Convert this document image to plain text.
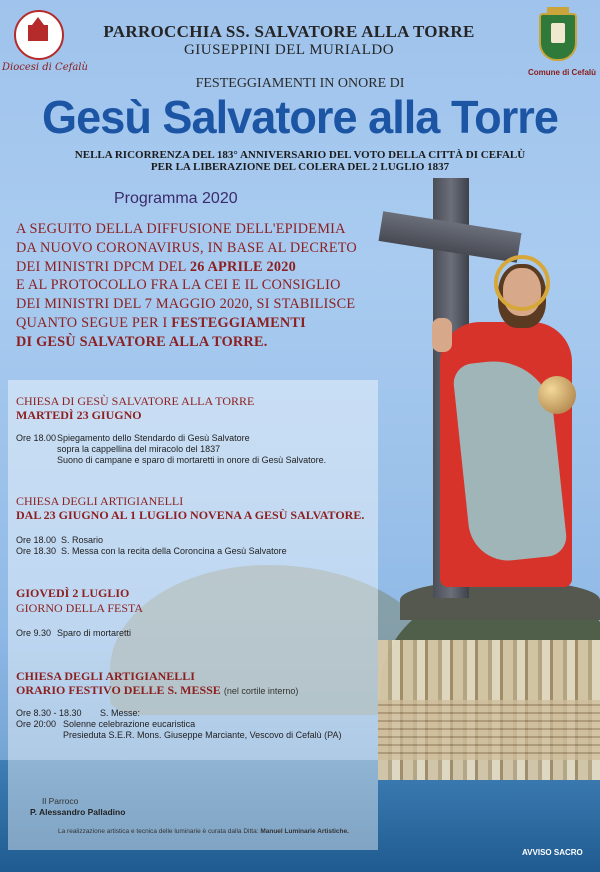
Diocesi di Cefalù	Comune di Cefalù
PARROCCHIA SS. SALVATORE ALLA TORRE
GIUSEPPINI DEL MURIALDO
FESTEGGIAMENTI IN ONORE DI
Gesù Salvatore alla Torre
NELLA RICORRENZA DEL 183° ANNIVERSARIO DEL VOTO DELLA CITTÀ DI CEFALÙ
PER LA LIBERAZIONE DEL COLERA DEL 2 LUGLIO 1837
Programma 2020

A SEGUITO DELLA DIFFUSIONE DELL'EPIDEMIA

DA NUOVO CORONAVIRUS, IN BASE AL DECRETO

DEI MINISTRI DPCM DEL 26 APRILE 2020

E AL PROTOCOLLO FRA LA CEI E IL CONSIGLIO

DEI MINISTRI DEL 7 MAGGIO 2020, SI STABILISCE

QUANTO SEGUE PER I FESTEGGIAMENTI

DI GESÙ SALVATORE ALLA TORRE.

CHIESA DI GESÙ SALVATORE ALLA TORRE
MARTEDÌ 23 GIUGNO
Ore 18.00 Spiegamento dello Stendardo di Gesù Salvatore
sopra la cappellina del miracolo del 1837
Suono di campane e sparo di mortaretti in onore di Gesù Salvatore.
CHIESA DEGLI ARTIGIANELLI
DAL 23 GIUGNO AL 1 LUGLIO NOVENA A GESÙ SALVATORE.
Ore 18.00 S. Rosario
Ore 18.30 S. Messa con la recita della Coroncina a Gesù Salvatore
GIOVEDÌ 2 LUGLIO
GIORNO DELLA FESTA
Ore 9.30 Sparo di mortaretti
CHIESA DEGLI ARTIGIANELLI
ORARIO FESTIVO DELLE S. MESSE (nel cortile interno)
Ore 8.30 - 18.30 S. Messe:
Ore 20:00 Solenne celebrazione eucaristica
Presieduta S.E.R. Mons. Giuseppe Marciante, Vescovo di Cefalù (PA)
Il Parroco
P. Alessandro Palladino
La realizzazione artistica e tecnica delle luminarie è curata dalla Ditta: Manuel Luminarie Artistiche.
AVVISO SACRO
